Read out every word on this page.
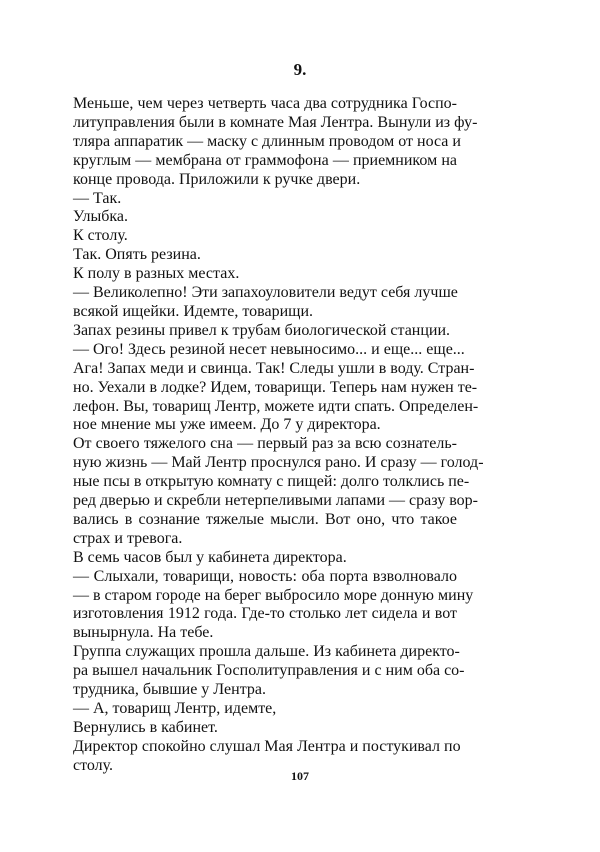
9.

Меньше, чем через четверть часа два сотрудника Госпо-

литуправления были в комнате Мая Лентра. Вынули из фу-

тляра аппаратик — маску с длинным проводом от носа и

круглым — мембрана от граммофона — приемником на

конце провода. Приложили к ручке двери.

— Так.

Улыбка.

К столу.

Так. Опять резина.

К полу в разных местах.

— Великолепно! Эти запахоуловители ведут себя лучше

всякой ищейки. Идемте, товарищи.

Запах резины привел к трубам биологической станции.

— Ого! Здесь резиной несет невыносимо... и еще... еще...

Ага! Запах меди и свинца. Так! Следы ушли в воду. Стран-

но. Уехали в лодке? Идем, товарищи. Теперь нам нужен те-

лефон. Вы, товарищ Лентр, можете идти спать. Определен-

ное мнение мы уже имеем. До 7 у директора.

От своего тяжелого сна — первый раз за всю сознатель-

ную жизнь — Май Лентр проснулся рано. И сразу — голод-

ные псы в открытую комнату с пищей: долго толклись пе-

ред дверью и скребли нетерпеливыми лапами — сразу вор-

вались в сознание тяжелые мысли. Вот оно, что такое

страх и тревога.

В семь часов был у кабинета директора.

— Слыхали, товарищи, новость: оба порта взволновало

— в старом городе на берег выбросило море донную мину

изготовления 1912 года. Где-то столько лет сидела и вот

вынырнула. На тебе.

Группа служащих прошла дальше. Из кабинета директо-

ра вышел начальник Госполитуправления и с ним оба со-

трудника, бывшие у Лентра.

— А, товарищ Лентр, идемте,

Вернулись в кабинет.

Директор спокойно слушал Мая Лентра и постукивал по

столу.

107
